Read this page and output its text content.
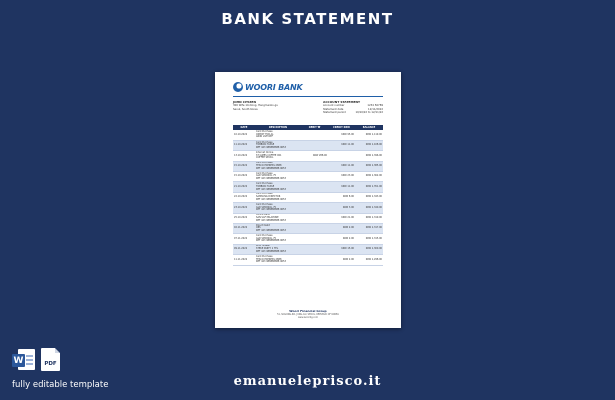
BANK STATEMENT
WOORI BANK
JOHN CITIZEN
300 Wife 10-Dong, Hangmanko-gu
Seoul, South Korea
ACCOUNT STATEMENT
Account number	1234 56789
Statement date	12/11/2022
Statement period	10/10/22 to 12/11/22
DATE	DESCRIPTION	DEBIT ₩	CREDIT KRW	BALANCE
10.10.2022	Card Purchase
CREDIT FOR AL
ARIRI LIVE REF		KRW 95.00	KRW 1,119.00
11.10.2022	Card Purchase
TOBBOKI TASSE
REF 443 988888888 9653		KRW 11.00	KRW 1,108.00
13.10.2022	Internet Online
ST JAMES COFFEE 001
COFFEE SEOUL	KRW 288.00		KRW 1,396.00
15.10.2022	Card Purchase
TESCO EXPRESS 2888
REF 443 988888888 9653		KRW 11.00	KRW 1,385.00
15.10.2022	Card Purchase
GLD SPORSOL 75
REF 443 988888888 9653		KRW 23.00	KRW 1,362.00
21.10.2022	Card Purchase
TOBBOKI TASSE
REF 443 988888888 9653		KRW 11.00	KRW 1,351.00
22.10.2022	Card Purchase
SAMSUNG DIRECTOR
REF 443 988888888 9653		KRW 8.00	KRW 1,343.00
23.10.2022	Card Purchase
GLD SPORSOL 75
REF 443 988888888 9653		KRW 3.00	KRW 1,340.00
25.10.2022	Online Bank
SAN SAF MILAPONE
REF 443 988888888 9653		KRW 21.00	KRW 1,319.00
02.11.2022	Direct Debit
CBS
REF 443 988888888 9653		KRW 2.00	KRW 1,317.00
07.11.2022	Card Purchase
GLD SPORSOL 75
REF 443 988888888 9653		KRW 2.00	KRW 1,315.00
09.11.2022	With drawal
STEKE PARTY 1 TEL
REF 443 988888888 9653		KRW 15.00	KRW 1,300.00
11.11.2022	Card Purchase
TESCO EXPRESS 2888
REF 443 988888888 9653		KRW 2.00	KRW 1,298.00
Woori Financial Group
51, SOGONG-RO, JUNG-GU, SEOUL, REPUBLIC OF KOREA
www.wooribg.com
W	PDF
fully editable template	emanueleprisco.it
